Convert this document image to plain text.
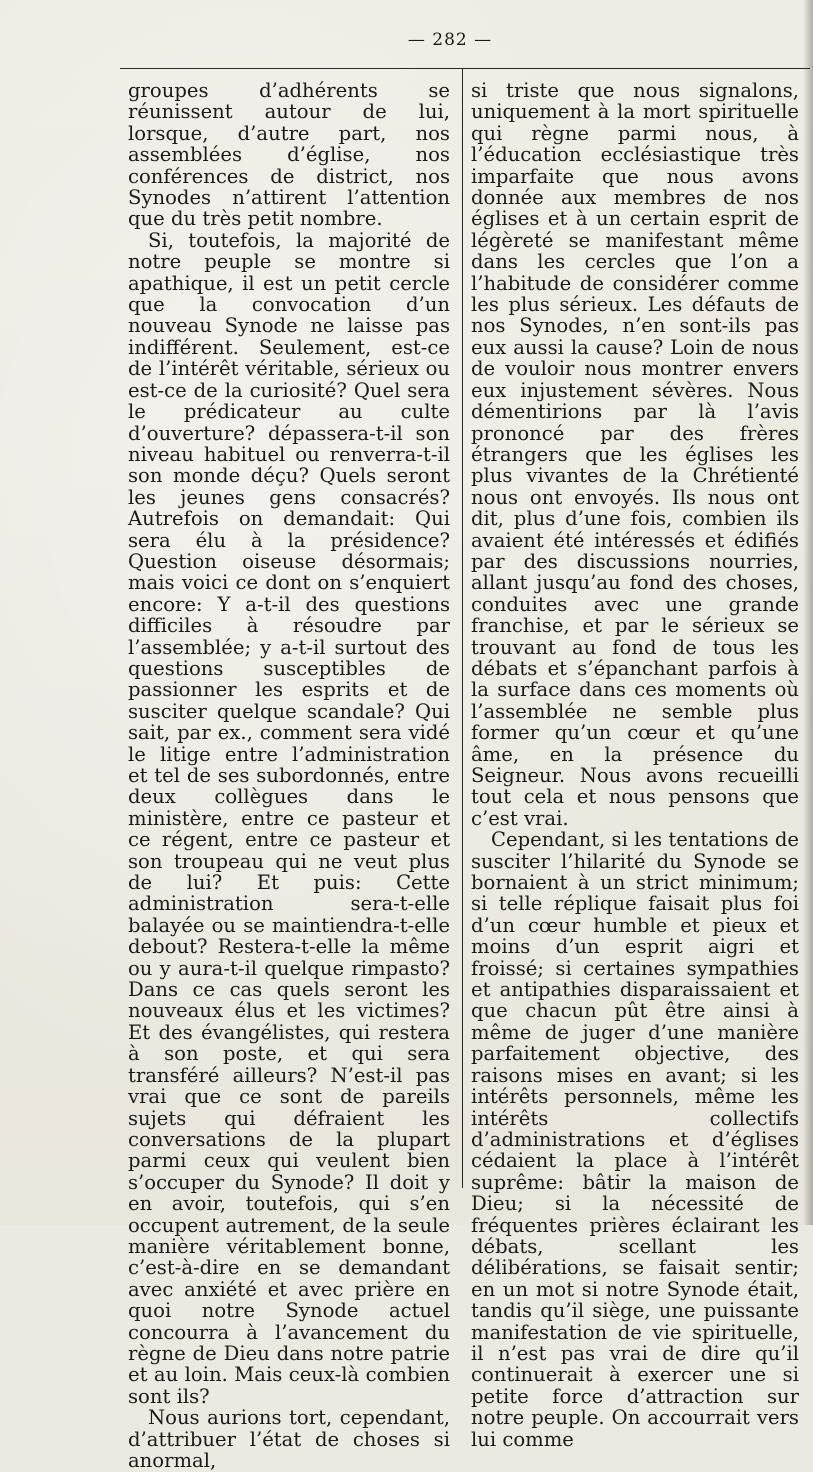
— 282 —

groupes d’adhérents se réunissent autour de lui, lorsque, d’autre part, nos assemblées d’église, nos conférences de district, nos Synodes n’attirent l’attention que du très petit nombre.

Si, toutefois, la majorité de notre peuple se montre si apathique, il est un petit cercle que la convocation d’un nouveau Synode ne laisse pas indifférent. Seulement, est-ce de l’intérêt véritable, sérieux ou est-ce de la curiosité? Quel sera le prédicateur au culte d’ouverture? dépassera-t-il son niveau habituel ou renverra-t-il son monde déçu? Quels seront les jeunes gens consacrés? Autrefois on demandait: Qui sera élu à la présidence? Question oiseuse désormais; mais voici ce dont on s’enquiert encore: Y a-t-il des questions difficiles à résoudre par l’assemblée; y a-t-il surtout des questions susceptibles de passionner les esprits et de susciter quelque scandale? Qui sait, par ex., comment sera vidé le litige entre l’administration et tel de ses subordonnés, entre deux collègues dans le ministère, entre ce pasteur et ce régent, entre ce pasteur et son troupeau qui ne veut plus de lui? Et puis: Cette administration sera-t-elle balayée ou se maintiendra-t-elle debout? Restera-t-elle la même ou y aura-t-il quelque rimpasto? Dans ce cas quels seront les nouveaux élus et les victimes? Et des évangélistes, qui restera à son poste, et qui sera transféré ailleurs? N’est-il pas vrai que ce sont de pareils sujets qui défraient les conversations de la plupart parmi ceux qui veulent bien s’occuper du Synode? Il doit y en avoir, toutefois, qui s’en occupent autrement, de la seule manière véritablement bonne, c’est-à-dire en se demandant avec anxiété et avec prière en quoi notre Synode actuel concourra à l’avancement du règne de Dieu dans notre patrie et au loin. Mais ceux-là combien sont ils?

Nous aurions tort, cependant, d’attribuer l’état de choses si anormal,

si triste que nous signalons, uniquement à la mort spirituelle qui règne parmi nous, à l’éducation ecclésiastique très imparfaite que nous avons donnée aux membres de nos églises et à un certain esprit de légèreté se manifestant même dans les cercles que l’on a l’habitude de considérer comme les plus sérieux. Les défauts de nos Synodes, n’en sont-ils pas eux aussi la cause? Loin de nous de vouloir nous montrer envers eux injustement sévères. Nous démentirions par là l’avis prononcé par des frères étrangers que les églises les plus vivantes de la Chrétienté nous ont envoyés. Ils nous ont dit, plus d’une fois, combien ils avaient été intéressés et édifiés par des discussions nourries, allant jusqu’au fond des choses, conduites avec une grande franchise, et par le sérieux se trouvant au fond de tous les débats et s’épanchant parfois à la surface dans ces moments où l’assemblée ne semble plus former qu’un cœur et qu’une âme, en la présence du Seigneur. Nous avons recueilli tout cela et nous pensons que c’est vrai.

Cependant, si les tentations de susciter l’hilarité du Synode se bornaient à un strict minimum; si telle réplique faisait plus foi d’un cœur humble et pieux et moins d’un esprit aigri et froissé; si certaines sympathies et antipathies disparaissaient et que chacun pût être ainsi à même de juger d’une manière parfaitement objective, des raisons mises en avant; si les intérêts personnels, même les intérêts collectifs d’administrations et d’églises cédaient la place à l’intérêt suprême: bâtir la maison de Dieu; si la nécessité de fréquentes prières éclairant les débats, scellant les délibérations, se faisait sentir; en un mot si notre Synode était, tandis qu’il siège, une puissante manifestation de vie spirituelle, il n’est pas vrai de dire qu’il continuerait à exercer une si petite force d’attraction sur notre peuple. On accourrait vers lui comme
